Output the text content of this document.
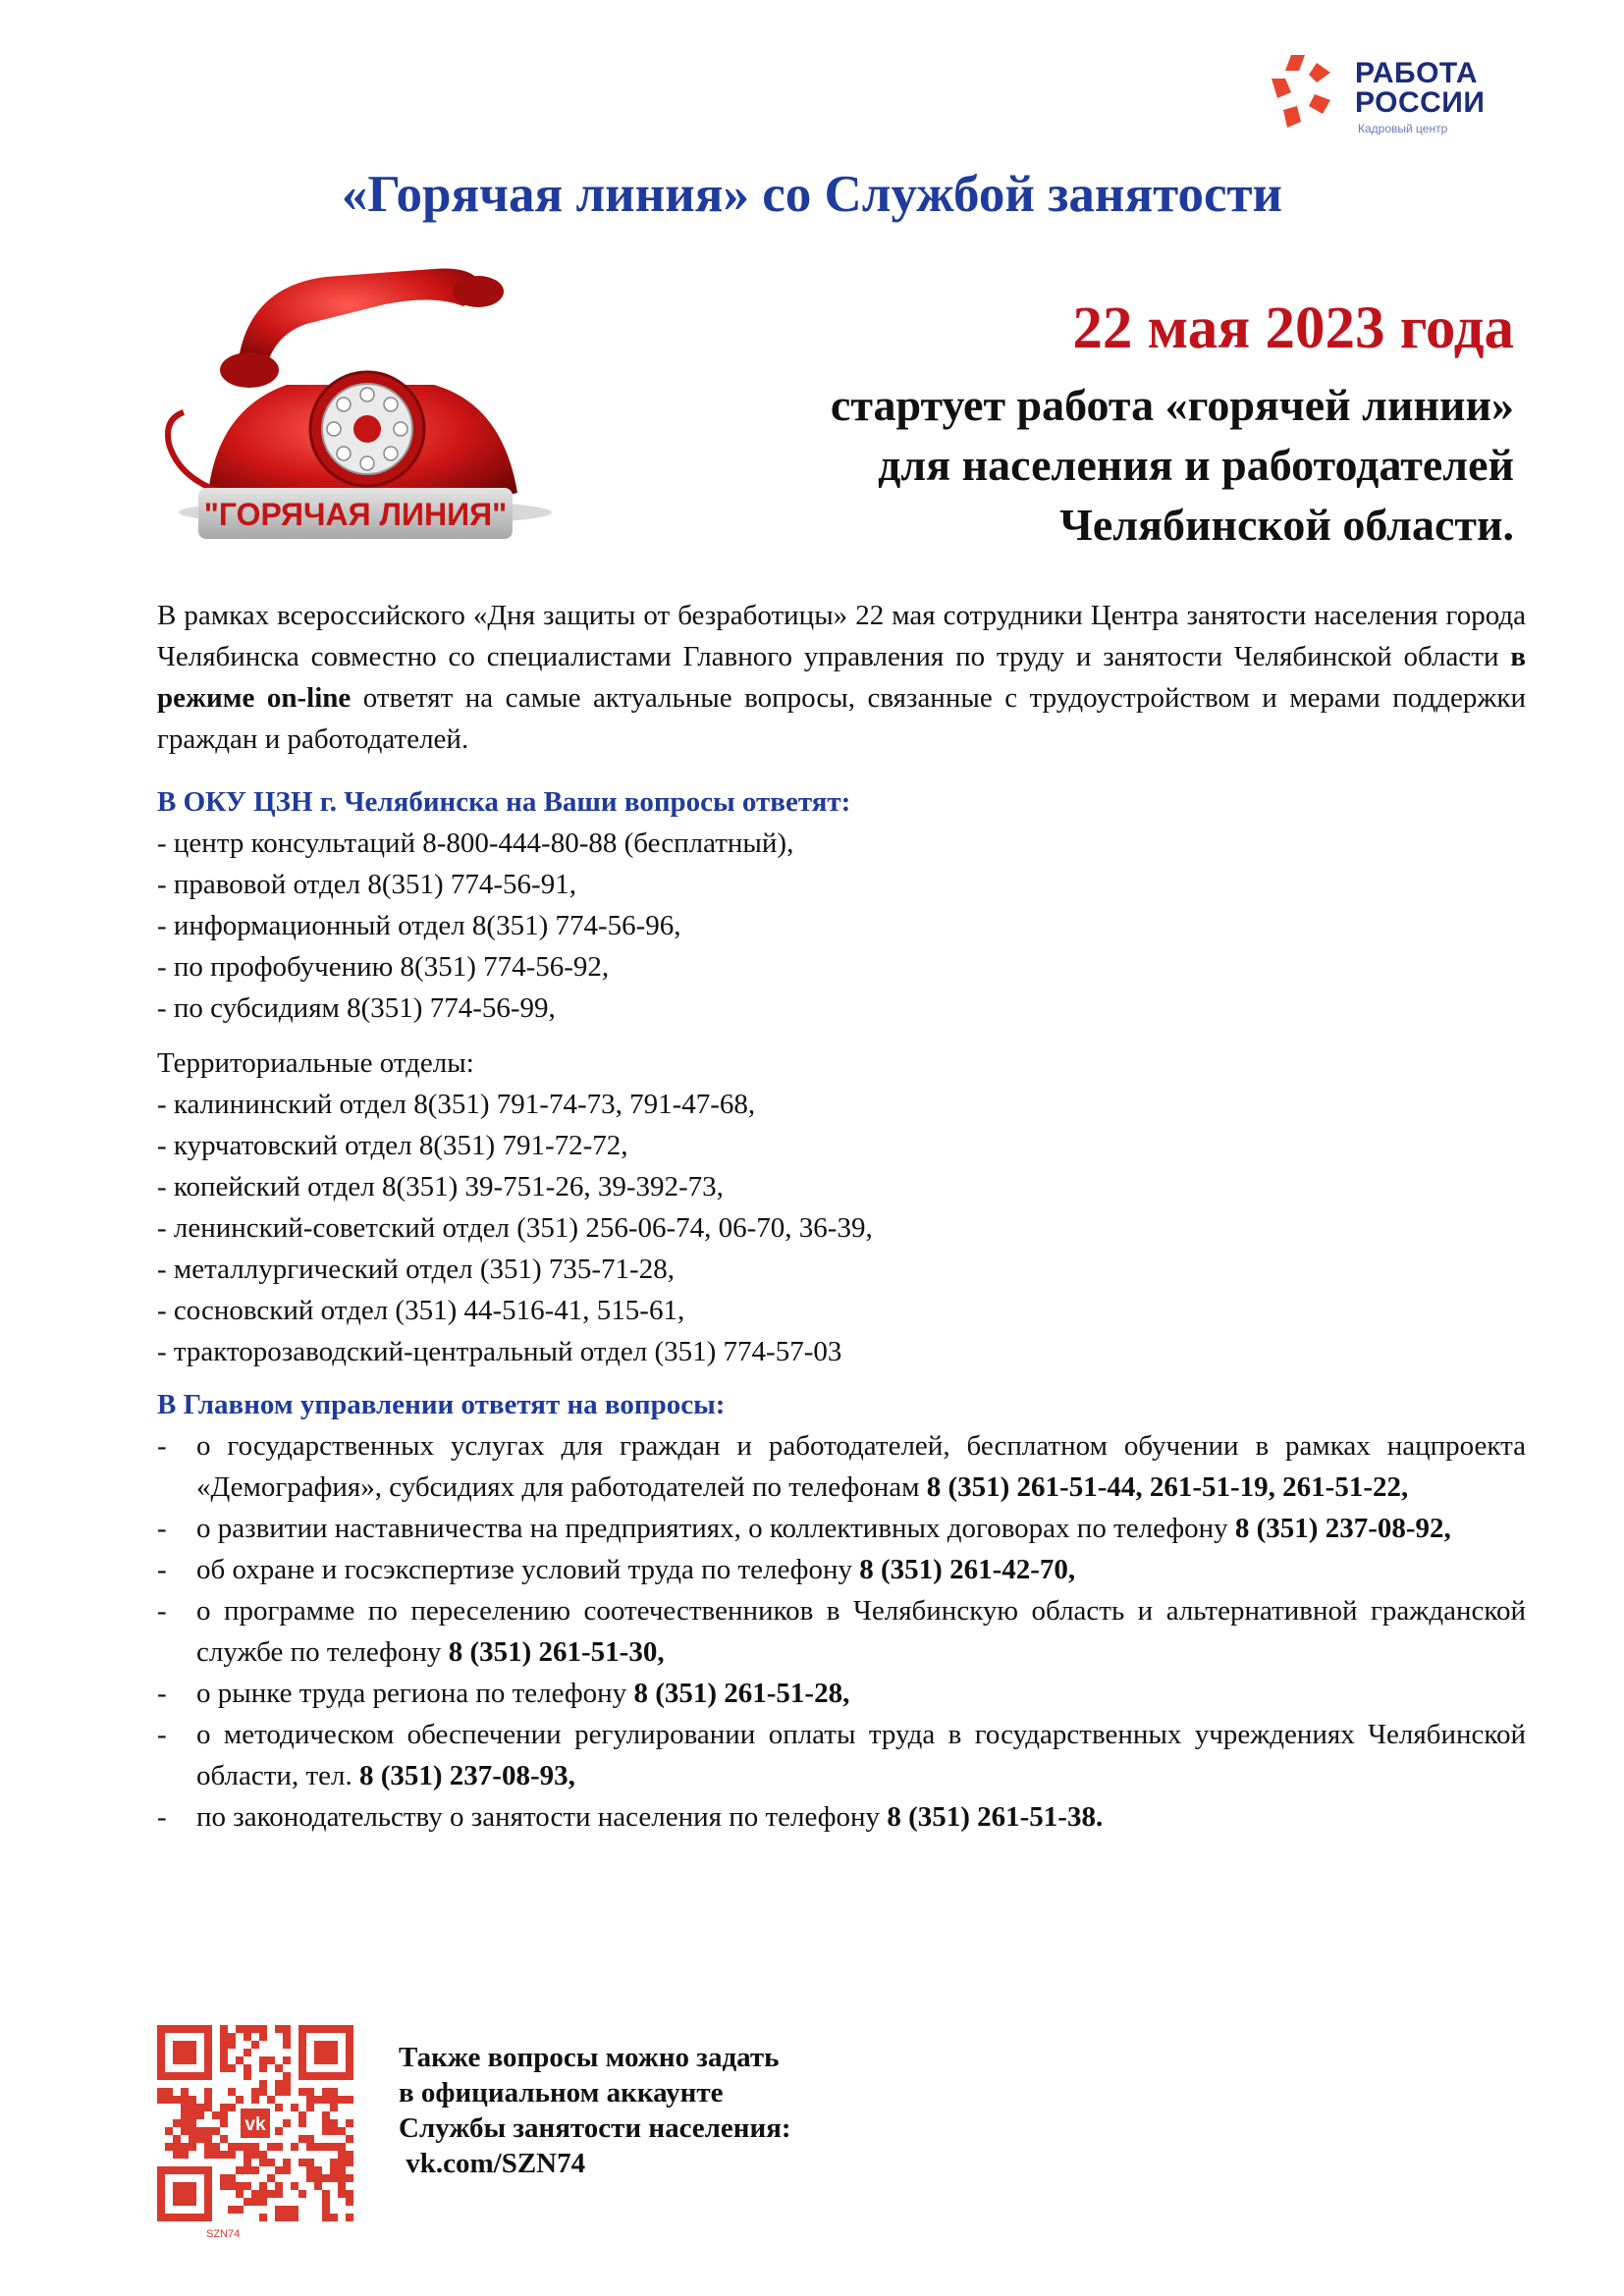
РАБОТА
РОССИИ
Кадровый центр
«Горячая линия» со Службой занятости
"ГОРЯЧАЯ ЛИНИЯ"
22 мая 2023 года
стартует работа «горячей линии»
для населения и работодателей
Челябинской области.

В рамках всероссийского «Дня защиты от безработицы» 22 мая сотрудники Центра занятости населения города Челябинска совместно со специалистами Главного управления по труду и занятости Челябинской области в режиме on-line ответят на самые актуальные вопросы, связанные с трудоустройством и мерами поддержки граждан и работодателей.

В ОКУ ЦЗН г. Челябинска на Ваши вопросы ответят:
- центр консультаций 8-800-444-80-88 (бесплатный),
- правовой отдел 8(351) 774-56-91,
- информационный отдел 8(351) 774-56-96,
- по профобучению 8(351) 774-56-92,
- по субсидиям 8(351) 774-56-99,
Территориальные отделы:
- калининский отдел 8(351) 791-74-73, 791-47-68,
- курчатовский отдел 8(351) 791-72-72,
- копейский отдел 8(351) 39-751-26, 39-392-73,
- ленинский-советский отдел (351) 256-06-74, 06-70, 36-39,
- металлургический отдел (351) 735-71-28,
- сосновский отдел (351) 44-516-41, 515-61,
- тракторозаводский-центральный отдел (351) 774-57-03
В Главном управлении ответят на вопросы:
- о государственных услугах для граждан и работодателей, бесплатном обучении в рамках нацпроекта «Демография», субсидиях для работодателей по телефонам 8 (351) 261-51-44, 261-51-19, 261-51-22,
- о развитии наставничества на предприятиях, о коллективных договорах по телефону 8 (351) 237-08-92,
- об охране и госэкспертизе условий труда по телефону 8 (351) 261-42-70,
- о программе по переселению соотечественников в Челябинскую область и альтернативной гражданской службе по телефону 8 (351) 261-51-30,
- о рынке труда региона по телефону 8 (351) 261-51-28,
- о методическом обеспечении регулировании оплаты труда в государственных учреждениях Челябинской области, тел. 8 (351) 237-08-93,
- по законодательству о занятости населения по телефону 8 (351) 261-51-38.
vk
SZN74
Также вопросы можно задать
в официальном аккаунте
Службы занятости населения:
vk.com/SZN74
